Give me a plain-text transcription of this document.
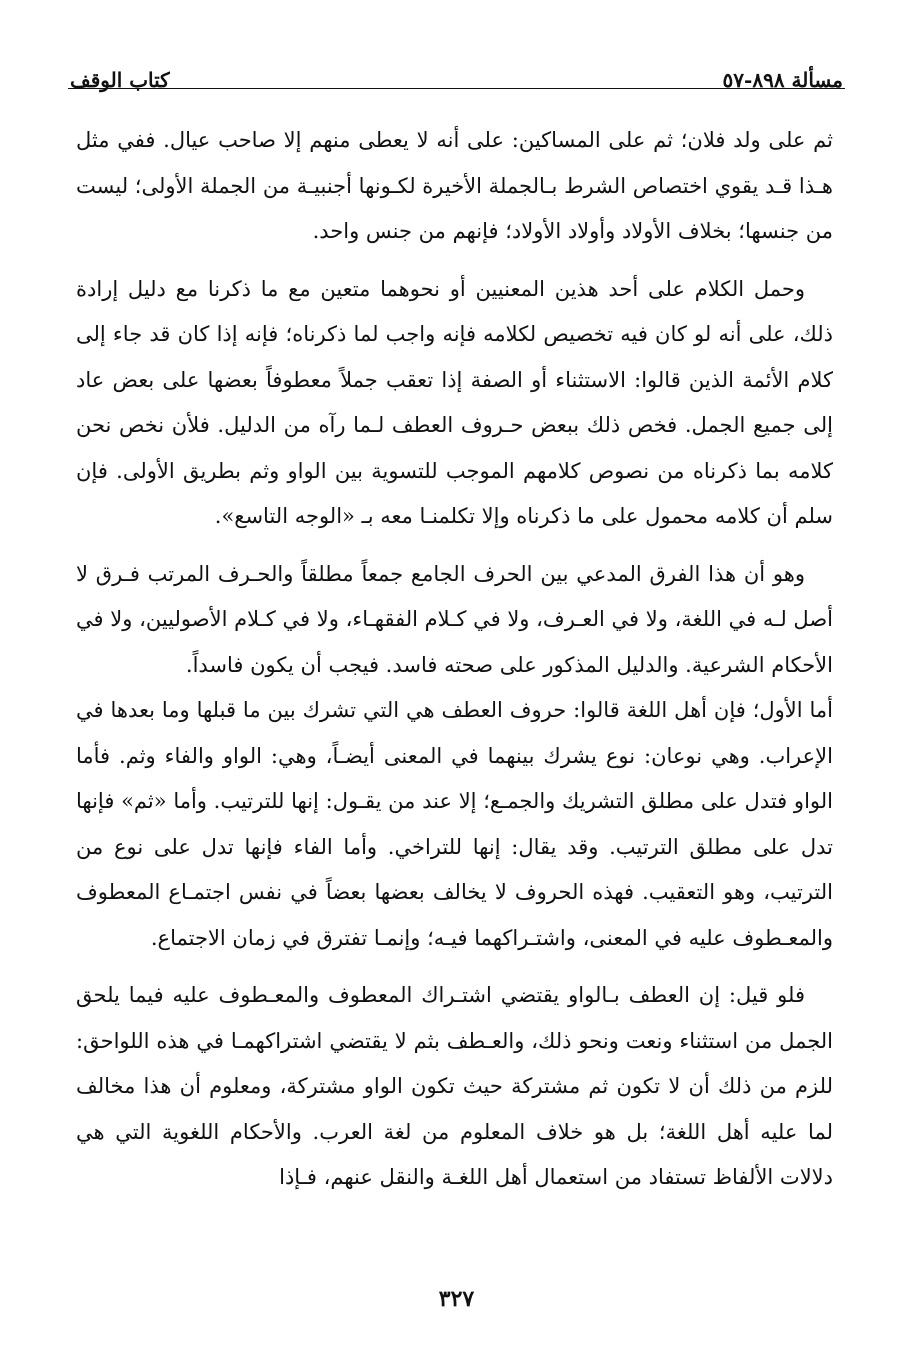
مسألة ٨٩٨-٥٧
كتاب الوقف

ثم على ولد فلان؛ ثم على المساكين: على أنه لا يعطى منهم إلا صاحب عيال. ففي مثل هـذا قـد يقوي اختصاص الشرط بـالجملة الأخيرة لكـونها أجنبيـة من الجملة الأولى؛ ليست من جنسها؛ بخلاف الأولاد وأولاد الأولاد؛ فإنهم من جنس واحد.

وحمل الكلام على أحد هذين المعنيين أو نحوهما متعين مع ما ذكرنا مع دليل إرادة ذلك، على أنه لو كان فيه تخصيص لكلامه فإنه واجب لما ذكرناه؛ فإنه إذا كان قد جاء إلى كلام الأئمة الذين قالوا: الاستثناء أو الصفة إذا تعقب جملاً معطوفاً بعضها على بعض عاد إلى جميع الجمل. فخص ذلك ببعض حـروف العطف لـما رآه من الدليل. فلأن نخص نحن كلامه بما ذكرناه من نصوص كلامهم الموجب للتسوية بين الواو وثم بطريق الأولى. فإن سلم أن كلامه محمول على ما ذكرناه وإلا تكلمنـا معه بـ «الوجه التاسع».

وهو أن هذا الفرق المدعي بين الحرف الجامع جمعاً مطلقاً والحـرف المرتب فـرق لا أصل لـه في اللغة، ولا في العـرف، ولا في كـلام الفقهـاء، ولا في كـلام الأصوليين، ولا في الأحكام الشرعية. والدليل المذكور على صحته فاسد. فيجب أن يكون فاسداً.

أما الأول؛ فإن أهل اللغة قالوا: حروف العطف هي التي تشرك بين ما قبلها وما بعدها في الإعراب. وهي نوعان: نوع يشرك بينهما في المعنى أيضـاً، وهي: الواو والفاء وثم. فأما الواو فتدل على مطلق التشريك والجمـع؛ إلا عند من يقـول: إنها للترتيب. وأما «ثم» فإنها تدل على مطلق الترتيب. وقد يقال: إنها للتراخي. وأما الفاء فإنها تدل على نوع من الترتيب، وهو التعقيب. فهذه الحروف لا يخالف بعضها بعضاً في نفس اجتمـاع المعطوف والمعـطوف عليه في المعنى، واشتـراكهما فيـه؛ وإنمـا تفترق في زمان الاجتماع.

فلو قيل: إن العطف بـالواو يقتضي اشتـراك المعطوف والمعـطوف عليه فيما يلحق الجمل من استثناء ونعت ونحو ذلك، والعـطف بثم لا يقتضي اشتراكهمـا في هذه اللواحق: للزم من ذلك أن لا تكون ثم مشتركة حيث تكون الواو مشتركة، ومعلوم أن هذا مخالف لما عليه أهل اللغة؛ بل هو خلاف المعلوم من لغة العرب. والأحكام اللغوية التي هي دلالات الألفاظ تستفاد من استعمال أهل اللغـة والنقل عنهم، فـإذا

٣٢٧
